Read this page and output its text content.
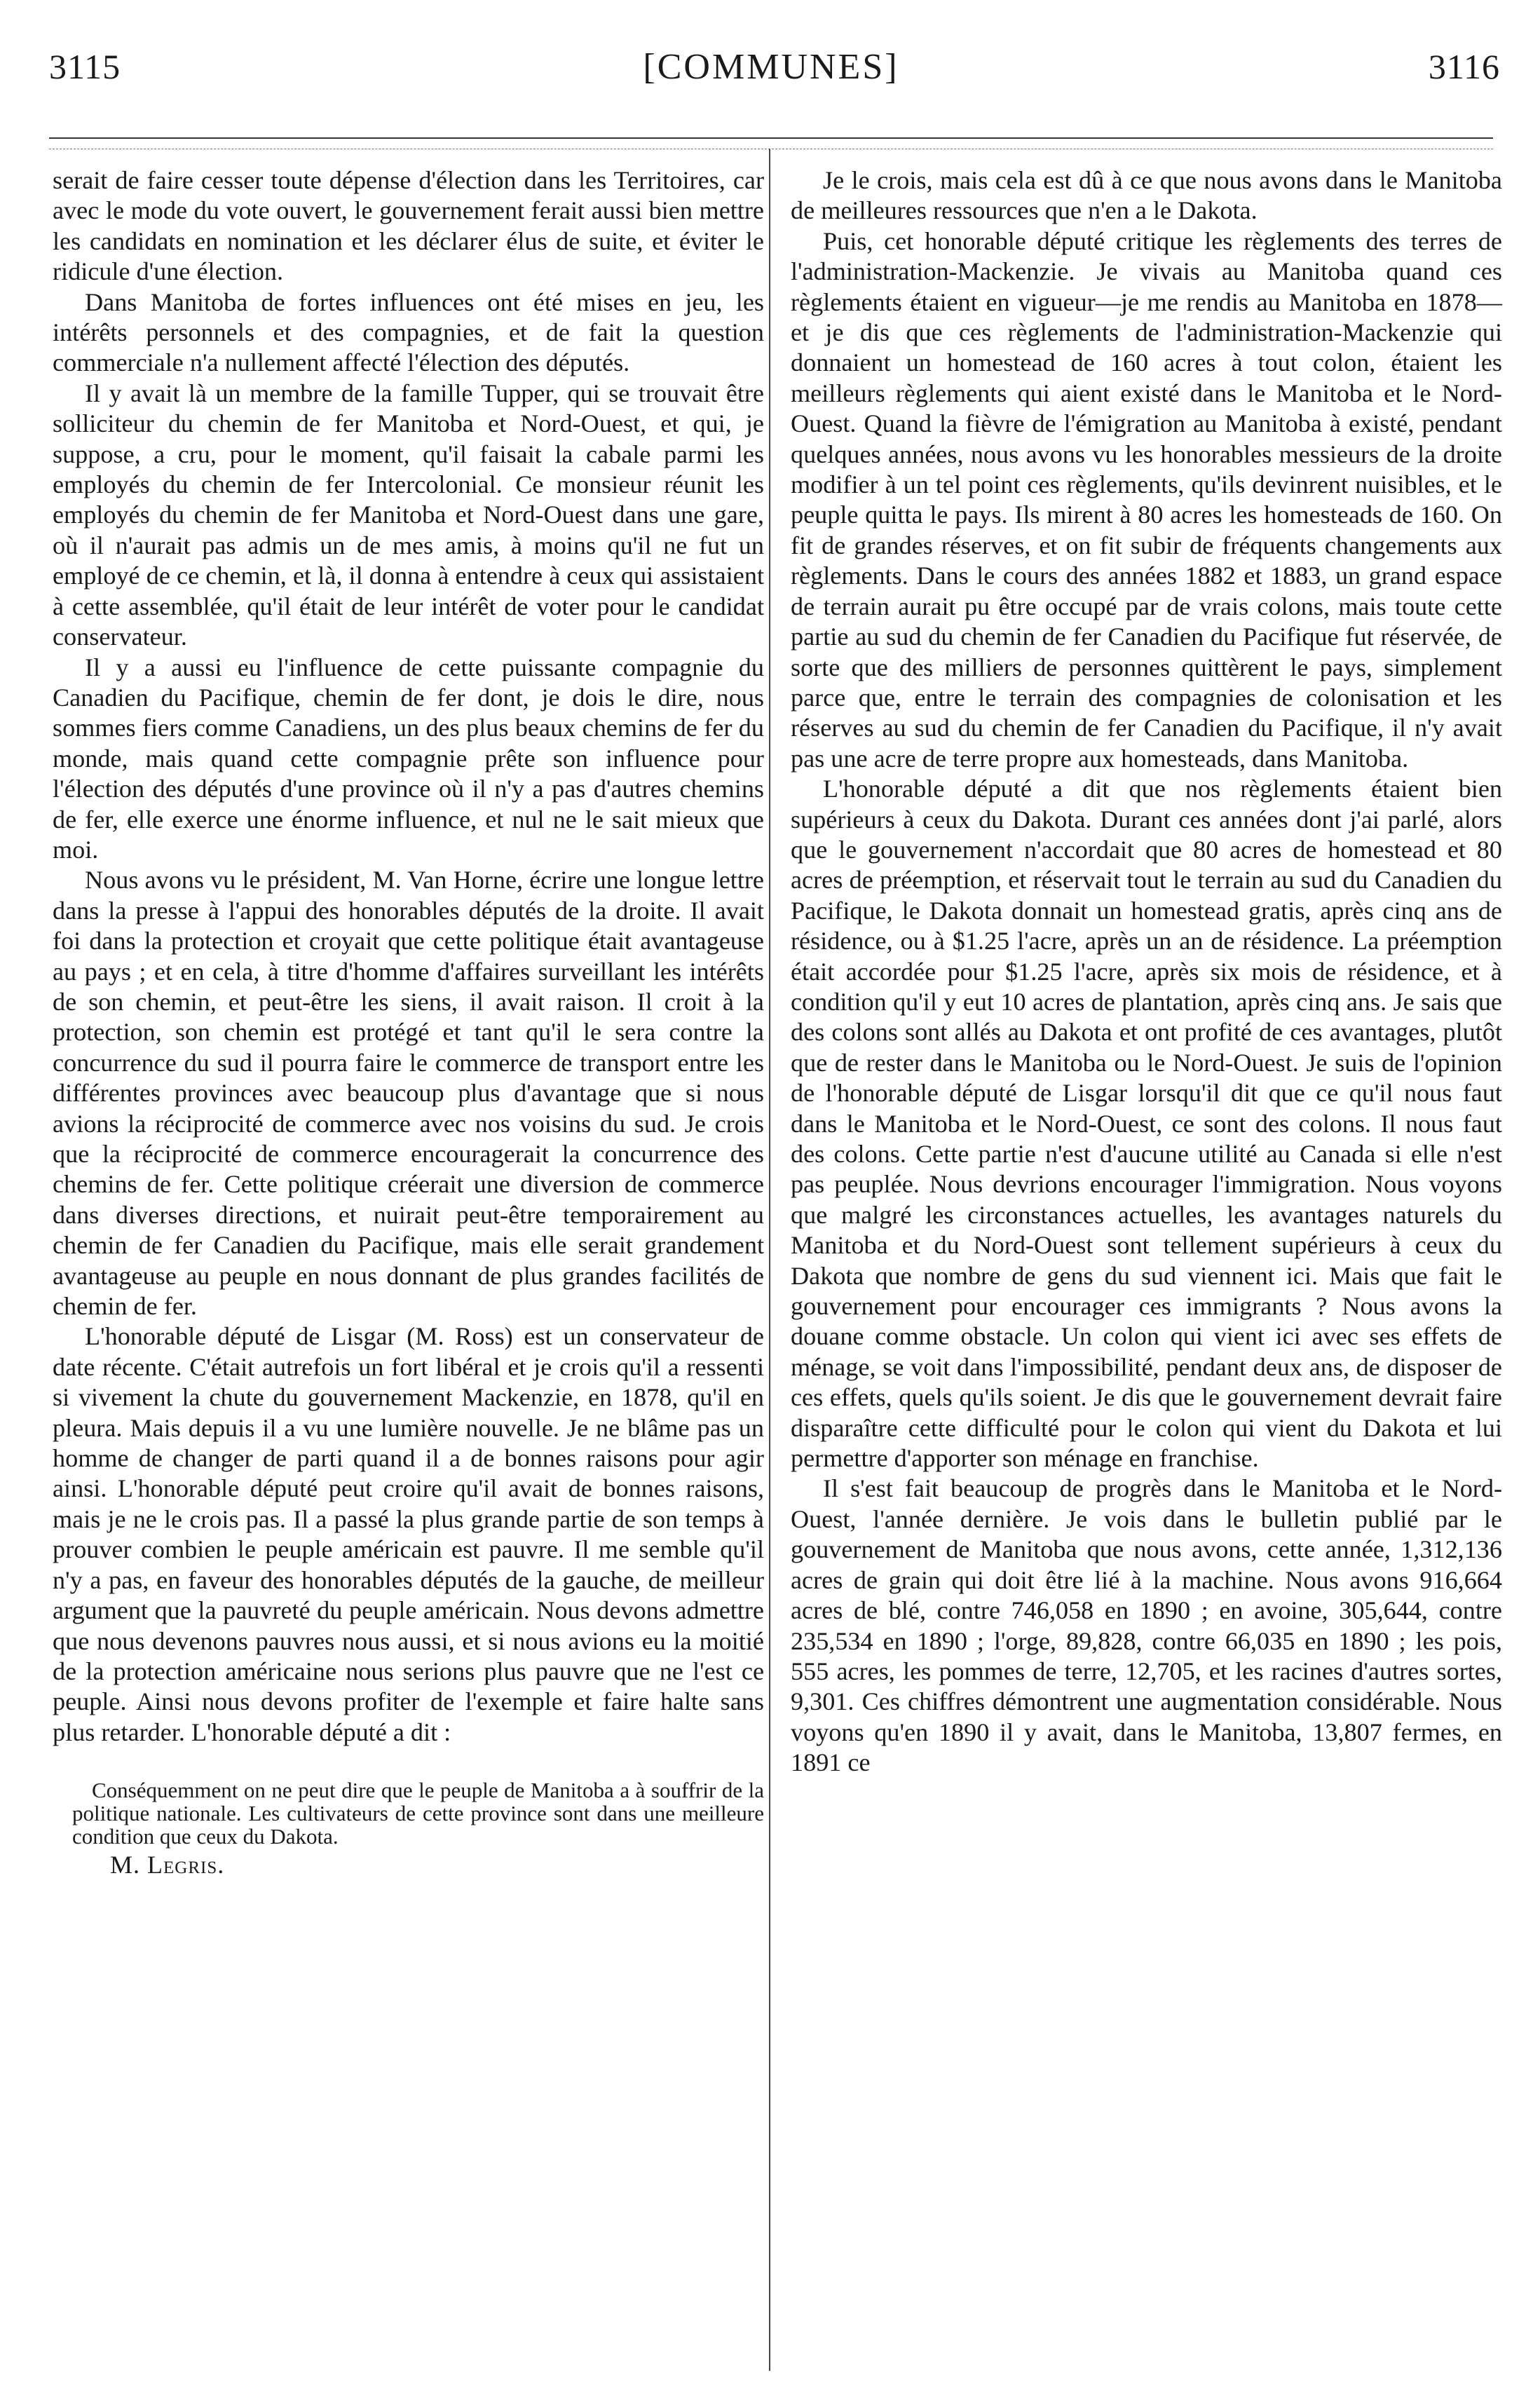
3115	[COMMUNES]	3116

serait de faire cesser toute dépense d'élection dans les Territoires, car avec le mode du vote ouvert, le gouvernement ferait aussi bien mettre les candidats en nomination et les déclarer élus de suite, et éviter le ridicule d'une élection.

Dans Manitoba de fortes influences ont été mises en jeu, les intérêts personnels et des compagnies, et de fait la question commerciale n'a nullement affecté l'élection des députés.

Il y avait là un membre de la famille Tupper, qui se trouvait être solliciteur du chemin de fer Manitoba et Nord-Ouest, et qui, je suppose, a cru, pour le moment, qu'il faisait la cabale parmi les employés du chemin de fer Intercolonial. Ce monsieur réunit les employés du chemin de fer Manitoba et Nord-Ouest dans une gare, où il n'aurait pas admis un de mes amis, à moins qu'il ne fut un employé de ce chemin, et là, il donna à entendre à ceux qui assistaient à cette assemblée, qu'il était de leur intérêt de voter pour le candidat conservateur.

Il y a aussi eu l'influence de cette puissante compagnie du Canadien du Pacifique, chemin de fer dont, je dois le dire, nous sommes fiers comme Canadiens, un des plus beaux chemins de fer du monde, mais quand cette compagnie prête son influence pour l'élection des députés d'une province où il n'y a pas d'autres chemins de fer, elle exerce une énorme influence, et nul ne le sait mieux que moi.

Nous avons vu le président, M. Van Horne, écrire une longue lettre dans la presse à l'appui des honorables députés de la droite. Il avait foi dans la protection et croyait que cette politique était avantageuse au pays ; et en cela, à titre d'homme d'affaires surveillant les intérêts de son chemin, et peut-être les siens, il avait raison. Il croit à la protection, son chemin est protégé et tant qu'il le sera contre la concurrence du sud il pourra faire le commerce de transport entre les différentes provinces avec beaucoup plus d'avantage que si nous avions la réciprocité de commerce avec nos voisins du sud. Je crois que la réciprocité de commerce encouragerait la concurrence des chemins de fer. Cette politique créerait une diversion de commerce dans diverses directions, et nuirait peut-être temporairement au chemin de fer Canadien du Pacifique, mais elle serait grandement avantageuse au peuple en nous donnant de plus grandes facilités de chemin de fer.

L'honorable député de Lisgar (M. Ross) est un conservateur de date récente. C'était autrefois un fort libéral et je crois qu'il a ressenti si vivement la chute du gouvernement Mackenzie, en 1878, qu'il en pleura. Mais depuis il a vu une lumière nouvelle. Je ne blâme pas un homme de changer de parti quand il a de bonnes raisons pour agir ainsi. L'honorable député peut croire qu'il avait de bonnes raisons, mais je ne le crois pas. Il a passé la plus grande partie de son temps à prouver combien le peuple américain est pauvre. Il me semble qu'il n'y a pas, en faveur des honorables députés de la gauche, de meilleur argument que la pauvreté du peuple américain. Nous devons admettre que nous devenons pauvres nous aussi, et si nous avions eu la moitié de la protection américaine nous serions plus pauvre que ne l'est ce peuple. Ainsi nous devons profiter de l'exemple et faire halte sans plus retarder. L'honorable député a dit :

Conséquemment on ne peut dire que le peuple de Manitoba a à souffrir de la politique nationale. Les cultivateurs de cette province sont dans une meilleure condition que ceux du Dakota.
M. Legris.

Je le crois, mais cela est dû à ce que nous avons dans le Manitoba de meilleures ressources que n'en a le Dakota.

Puis, cet honorable député critique les règlements des terres de l'administration-Mackenzie. Je vivais au Manitoba quand ces règlements étaient en vigueur—je me rendis au Manitoba en 1878—et je dis que ces règlements de l'administration-Mackenzie qui donnaient un homestead de 160 acres à tout colon, étaient les meilleurs règlements qui aient existé dans le Manitoba et le Nord-Ouest. Quand la fièvre de l'émigration au Manitoba à existé, pendant quelques années, nous avons vu les honorables messieurs de la droite modifier à un tel point ces règlements, qu'ils devinrent nuisibles, et le peuple quitta le pays. Ils mirent à 80 acres les homesteads de 160. On fit de grandes réserves, et on fit subir de fréquents changements aux règlements. Dans le cours des années 1882 et 1883, un grand espace de terrain aurait pu être occupé par de vrais colons, mais toute cette partie au sud du chemin de fer Canadien du Pacifique fut réservée, de sorte que des milliers de personnes quittèrent le pays, simplement parce que, entre le terrain des compagnies de colonisation et les réserves au sud du chemin de fer Canadien du Pacifique, il n'y avait pas une acre de terre propre aux homesteads, dans Manitoba.

L'honorable député a dit que nos règlements étaient bien supérieurs à ceux du Dakota. Durant ces années dont j'ai parlé, alors que le gouvernement n'accordait que 80 acres de homestead et 80 acres de préemption, et réservait tout le terrain au sud du Canadien du Pacifique, le Dakota donnait un homestead gratis, après cinq ans de résidence, ou à $1.25 l'acre, après un an de résidence. La préemption était accordée pour $1.25 l'acre, après six mois de résidence, et à condition qu'il y eut 10 acres de plantation, après cinq ans. Je sais que des colons sont allés au Dakota et ont profité de ces avantages, plutôt que de rester dans le Manitoba ou le Nord-Ouest. Je suis de l'opinion de l'honorable député de Lisgar lorsqu'il dit que ce qu'il nous faut dans le Manitoba et le Nord-Ouest, ce sont des colons. Il nous faut des colons. Cette partie n'est d'aucune utilité au Canada si elle n'est pas peuplée. Nous devrions encourager l'immigration. Nous voyons que malgré les circonstances actuelles, les avantages naturels du Manitoba et du Nord-Ouest sont tellement supérieurs à ceux du Dakota que nombre de gens du sud viennent ici. Mais que fait le gouvernement pour encourager ces immigrants ? Nous avons la douane comme obstacle. Un colon qui vient ici avec ses effets de ménage, se voit dans l'impossibilité, pendant deux ans, de disposer de ces effets, quels qu'ils soient. Je dis que le gouvernement devrait faire disparaître cette difficulté pour le colon qui vient du Dakota et lui permettre d'apporter son ménage en franchise.

Il s'est fait beaucoup de progrès dans le Manitoba et le Nord-Ouest, l'année dernière. Je vois dans le bulletin publié par le gouvernement de Manitoba que nous avons, cette année, 1,312,136 acres de grain qui doit être lié à la machine. Nous avons 916,664 acres de blé, contre 746,058 en 1890 ; en avoine, 305,644, contre 235,534 en 1890 ; l'orge, 89,828, contre 66,035 en 1890 ; les pois, 555 acres, les pommes de terre, 12,705, et les racines d'autres sortes, 9,301. Ces chiffres démontrent une augmentation considérable. Nous voyons qu'en 1890 il y avait, dans le Manitoba, 13,807 fermes, en 1891 ce
